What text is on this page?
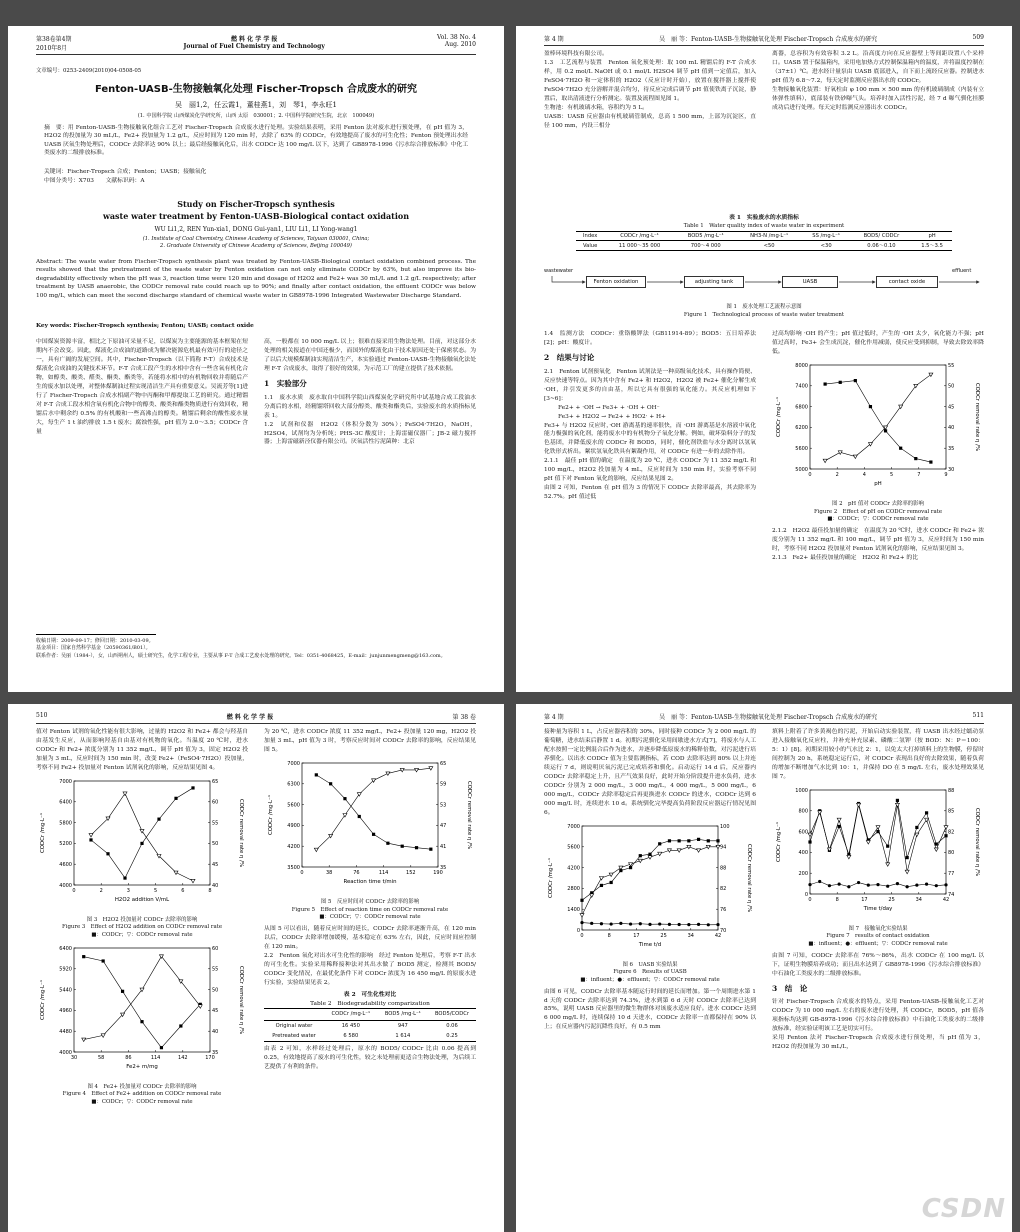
第38卷第4期
2010年8月
燃 料 化 学 学 报
Journal of Fuel Chemistry and Technology
Vol. 38 No. 4
Aug. 2010
文章编号：0253-2409(2010)04-0508-05
Fenton-UASB-生物接触氧化处理 Fischer-Tropsch 合成废水的研究
吴　丽1,2，任云霞1，董桂燕1，刘　琴1，李永旺1
(1. 中国科学院 山西煤炭化学研究所，山西 太原　030001；2. 中国科学院研究生院，北京　100049)
摘　要：用 Fenton-UASB-生物接触氧化组合工艺对 Fischer-Tropsch 合成废水进行处理。实验结果表明，采用 Fenton 法对废水进行预处理，在 pH 值为 3，H2O2 的投加量为 30 mL/L，Fe2+ 投加量为 1.2 g/L，反应时间为 120 min 时，去除了 63% 的 CODCr，有效地提高了废水的可生化性；Fenton 预处理出水经 UASB 厌氧生物处理后，CODCr 去除率达 90% 以上；最后经接触氧化后，出水 CODCr 达 100 mg/L 以下，达到了 GB8978-1996《污水综合排放标准》中化工类废水的二级排放标准。
关键词：Fischer-Tropsch 合成；Fenton；UASB；接触氧化
中图分类号：X703　　文献标识码：A
Study on Fischer-Tropsch synthesis
waste water treatment by Fenton-UASB-Biological contact oxidation
WU Li1,2, REN Yun-xia1, DONG Gui-yan1, LIU Li1, LI Yong-wang1
(1. Institute of Coal Chemistry, Chinese Academy of Sciences, Taiyuan 030001, China;
2. Graduate University of Chinese Academy of Sciences, Beijing 100049)
Abstract: The waste water from Fischer-Tropsch synthesis plant was treated by Fenton-UASB-Biological contact oxidation combined process. The results showed that the pretreatment of the waste water by Fenton oxidation can not only eliminate CODCr by 63%, but also improve its bio-degradability effectively when the pH was 3, reaction time were 120 min and dosage of H2O2 and Fe2+ was 30 mL/L and 1.2 g/L respectively; after treatment by UASB anaerobic, the CODCr removal rate could reach up to 90%; and finally after contact oxidation, the effluent CODCr was below 100 mg/L, which can meet the second discharge standard of chemical waste water in GB8978-1996 Integrated Wastewater Discharge Standard.
Key words: Fischer-Tropsch synthesis; Fenton; UASB; contact oxide
中国煤炭资源丰富，相比之下原油可采量不足，以煤炭为主要能源的基本框架在短期内不会改变。因此，煤液化合成油的道路成为解决能源危机最有效可行的途径之一，具有广阔的发展空间。其中，Fischer-Tropsch（以下简称 F-T）合成技术是煤液化合成油的关键技术环节。F-T 合成工段产生的水相中含有一些含氧有机化合物，如醇类、酸类、醛类、酮类、酯类等，若能将水相中的有机物回收并将随后产生的废水加以处理，对整体煤制油过程实现清洁生产具有重要意义。吴流芳等[1]进行了 Fischer-Tropsch 合成水相副产物中丙酮和甲醇提取工艺的研究。通过精馏对 F-T 合成工段水相含氧有机化合物中的醇类、酸类和酯类物质进行有效回收，精馏后水中剩余约 0.5% 的有机酸和一些高沸点的醇类。精馏后剩余的酸性废水量大，每生产 1 t 油约排放 1.5 t 废水；腐蚀性强，pH 值为 2.0～3.5；CODCr 含量
高，一般都在 10 000 mg/L 以上；很难直接采用生物法处理。目前，对这部分水处理的相关报道在中国还极少，而国外的煤液化由于技术原因还处于保密状态。为了以后大规模煤制油实现清洁生产，本实验通过 Fenton-UASB-生物接触氧化法处理 F-T 合成废水，取得了很好的效果，为示范工厂的建立提供了技术依据。
1　实验部分
1.1　废水水质　废水取自中国科学院山西煤炭化学研究所中试基地合成工段油水分离后的水相，经精馏塔回收大部分醇类、酸类和酯类后，实验废水的水质指标见表 1。
1.2　试剂和仪器　H2O2（体积分数为 30%）；FeSO4·7H2O，NaOH，H2SO4，试剂均为分析纯；PHS-3C 酸度计；上海雷磁仪器厂；JB-2 磁力搅拌器；上海雷磁新泾仪器有限公司。厌氧活性污泥菌种：北京
收稿日期：2009-09-17；修回日期：2010-03-09。
基金项目：国家自然科学基金（20590361/B01）。
联系作者：吴丽（1984-），女，山西朔州人，硕士研究生，化学工程专业，主要从事 F-T 合成工艺废水处理的研究。Tel：0351-4068425，E-mail：junjunmengmeng@163.com。
第 4 期	吴　丽 等：Fenton-UASB-生物接触氧化处理 Fischer-Tropsch 合成废水的研究	509
盈棒环境科技有限公司。
1.3　工艺流程与装置　Fenton 氧化预处理：取 100 mL 精馏后的 F-T 合成水样，用 0.2 mol/L NaOH 或 0.1 mol/L H2SO4 调节 pH 值到一定值后，加入 FeSO4·7H2O 和一定体积的 H2O2（反应计时开始），放置在搅拌器上搅拌使 FeSO4·7H2O 充分溶解并混合均匀，待反应完成后调节 pH 值使铁离子沉淀，静置后，取出清液进行分析测定。装置及流程图见图 1。
生物池：有机玻璃水箱，容积约为 5 L。
UASB：UASB 反应器由有机玻璃管制成，总高 1 500 mm，上部为沉淀区，直径 100 mm，内设三相分
离器，总容积为有效容积 3.2 L。沿高度方向在反应器壁上等间距设置八个采样口。UASB 置于保温箱内，采用电加热方式控制保温箱内的温度，并将温度控制在（37±1）℃。进水经计量泵由 UASB 底部进入，自下而上流经反应器。控制进水 pH 值为 6.8～7.2，每天定时监测反应器出水的 CODCr。
生物接触氧化装置：好氧柱由 φ 100 mm × 500 mm 的有机玻璃制成（内装有立体弹性填料），底部装有铁砂曝气头。培养时加入活性污泥，经 7 d 曝气驯化挂膜成功后进行处理。每天定时监测反应器出水 CODCr。
表 1　实验废水的水质指标
Table 1　Water quality index of waste water in experiment
Index	CODCr /mg·L⁻¹	BOD5 /mg·L⁻¹	NH3-N /mg·L⁻¹	SS /mg·L⁻¹	BOD5/ CODCr	pH
Value	11 000～35 000	700～4 000	<50	<30	0.06～0.10	1.5～3.5
wastewater
Fenton oxidation	adjusting tank	UASB	contact oxide
effluent
图 1　废水处理工艺流程示意图
Figure 1　Technological process of waste water treatment
1.4　监测方法　CODCr：重铬酸钾法（GB11914-89）；BOD5：五日培养法[2]；pH：酸度计。
2　结果与讨论
2.1　Fenton 试剂预氧化　Fenton 试剂法是一种高级氧化技术，具有操作简便、反应快速等特点。因为其中含有 Fe2+ 和 H2O2，H2O2 被 Fe2+ 催化分解生成 ·OH，并引发更多的自由基，所以它具有很强的氧化能力。其反应机理如下[3~6]：
Fe2+ + ·OH → Fe3+ + ·OH + OH⁻
Fe3+ + H2O2 → Fe2+ + HO2· + H+
Fe3+ 与 H2O2 反应时，·OH 游离基的速率很快，而 ·OH 游离基是水溶液中氧化能力极强的氧化剂，能将废水中的有机物分子氧化分解。例如，破坏染料分子的发色基团，并降低废水的 CODCr 和 BOD5，同时，催化剂铁盐与水分离时以氢氧化铁形式析出。絮状氢氧化铁具有絮凝作用，对 CODCr 有进一步的去除作用。
2.1.1　最佳 pH 值的确定　在温度为 20 ℃，进水 CODCr 为 11 352 mg/L 和 100 mg/L，H2O2 投加量为 4 mL，反应时间为 150 min 时，实验考察不同 pH 值下对 Fenton 氧化的影响，反应结果见图 2。
由图 2 可知，Fenton 在 pH 值为 3 的情况下 CODCr 去除率最高，其去除率为 52.7%。pH 值过低
过高均影响 ·OH 的产生；pH 值过低时，产生的 ·OH 太少，氧化能力不强；pH 值过高时，Fe3+ 会生成沉淀，催化作用减弱，使反应受到抑制，导致去除效率降低。
0	2	4	5	7	9
5000
5600
6200
6800
7400
8000
30
35
40
45
50
55
pH
CODCr /mg·L⁻¹	CODCr removal rate η /%
图 2　pH 值对 CODCr 去除率的影响
Figure 2　Effect of pH on CODCr removal rate
■：CODCr；▽：CODCr removal rate
2.1.2　H2O2 最佳投加量的确定　在温度为 20 ℃时，进水 CODCr 和 Fe2+ 浓度分别为 11 352 mg/L 和 100 mg/L，调节 pH 值为 3，反应时间为 150 min 时，考察不同 H2O2 投加量对 Fenton 试剂氧化的影响，反应结果见图 3。
2.1.3　Fe2+ 最佳投加量的确定　H2O2 和 Fe2+ 的比
510	燃 料 化 学 学 报	第 38 卷
值对 Fenton 试剂的氧化性能有很大影响，过量的 H2O2 和 Fe2+ 都会与羟基自由基发生反应，从而影响羟基自由基对有机物的氧化。当温度 20 ℃时，进水 CODCr 和 Fe2+ 浓度分别为 11 352 mg/L，调节 pH 值为 3，固定 H2O2 投加量为 3 mL，反应时间为 150 min 时，改变 Fe2+（FeSO4·7H2O）投加量，考察不同 Fe2+ 投加量对 Fenton 试剂氧化的影响，反应结果见图 4。
0	2	3	5	6	8
4000
4600
5200
5800
6400
7000
40
45
50
55
60
65
H2O2 addition V/mL
CODCr /mg·L⁻¹	CODCr removal rate η /%
图 3　H2O2 投加量对 CODCr 去除率的影响
Figure 3　Effect of H2O2 addition on CODCr removal rate
■：CODCr；▽：CODCr removal rate
30	58	86	114	142	170
4000
4480
4960
5440
5920
6400
35
40
45
50
55
60
Fe2+ m/mg
CODCr /mg·L⁻¹	CODCr removal rate η /%
图 4　Fe2+ 投加量对 CODCr 去除率的影响
Figure 4　Effect of Fe2+ addition on CODCr removal rate
■：CODCr；▽：CODCr removal rate
为 20 ℃，进水 CODCr 浓度 11 352 mg/L，Fe2+ 投加量 120 mg，H2O2 投加量 3 mL，pH 值为 3 时，考察反应时间对 CODCr 去除率的影响，反应结果见图 5。
0	38	76	114	152	190
3500
4200
4900
5600
6300
7000
35
41
47
53
59
65
Reaction time t/min
CODCr /mg·L⁻¹	CODCr removal rate η /%
图 5　反应时间对 CODCr 去除率的影响
Figure 5　Effect of reaction time on CODCr removal rate
■：CODCr；▽：CODCr removal rate
从图 5 可以看出，随着反应时间的延长，CODCr 去除率逐渐升高，在 120 min 以后，CODCr 去除率增加缓慢，基本稳定在 63% 左右，因此，反应时间应控制在 120 min。
2.2　Fenton 氧化对出水可生化性的影响　经过 Fenton 处理后，考察 F-T 出水的可生化性。实验采用稀释接种法对其出水做了 BOD5 测定，检测其 BOD5/ CODCr 变化情况，在最优化条件下对 CODCr 浓度为 16 450 mg/L 的原废水进行实验，实验结果见表 2。
表 2　可生化性对比
Table 2　Biodegradability comparization
	CODCr /mg·L⁻¹	BOD5 /mg·L⁻¹	BOD5/CODCr
Original water	16 450	947	0.06
Pretreated water	6 580	1 614	0.25
由表 2 可知，水样经过处理后，原水的 BOD5/ CODCr 比由 0.06 提高到 0.25，有效地提高了废水的可生化性，较之未处理前更适合生物法处理，为后续工艺提供了有利的条件。
第 4 期	吴　丽 等：Fenton-UASB-生物接触氧化处理 Fischer-Tropsch 合成废水的研究	511
接种量为容积 1 L，占反应器容积的 30%，同时接种 CODCr 为 2 000 mg/L 的葡萄糖，进水结束后静置 1 d。初期污泥驯化采用间歇进水方式[7]，将废水与人工配水按照一定比例混合后作为进水，并逐步降低原废水的稀释倍数，对污泥进行培养驯化。以出水 CODCr 值为主要监测指标，若 COD 去除率达到 80% 以上并连续运行 7 d，则说明厌氧污泥已完成培养和驯化。启动运行 14 d 后，反应器内 CODCr 去除率稳定上升，且产气效果良好，此时开始分阶段提升进水负荷，进水 CODCr 分别为 2 000 mg/L，3 000 mg/L，4 000 mg/L，5 000 mg/L，6 000 mg/L，CODCr 去除率稳定后再更换进水 CODCr 的进水，CODCr 达到 6 000 mg/L 时，连续进水 10 d。系统驯化完毕提高负荷阶段反应器运行情况见图 6。
0	8	17	25	34	42
0
1400
2800
4200
5600
7000
70
76
82
88
94
100
Time t/d
CODCr /mg·L⁻¹	CODCr removal rate η /%
图 6　UASB 实验结果
Figure 6　Results of UASB
■：influent；●：effluent；▽：CODCr removal rate
由图 6 可见，CODCr 去除率基本随运行时间的延长而增加。第一个周期进水第 1 d 天的 CODCr 去除率达到 74.3%，进水到第 6 d 天时 CODCr 去除率已达到 85%，说明 UASB 反应器里的微生物群体对该废水适应良好。进水 CODCr 达到 6 000 mg/L 时，连续保持 10 d 天进水，CODCr 去除率一直都保持在 90% 以上；在反应器内污泥沉降性良好，有 0.5 mm
填料上附着了许多黄褐色的污泥，开始启动实验装置，将 UASB 出水经过蠕动泵进入接触氧化反应柱，并补充补充尿素、磷酸二氢钾（按 BOD：N：P＝100：5：1）[8]。初期采用较小的气水比 2：1，以免太大打掉填料上的生物膜，停留时间控制为 20 h，系统稳定运行后，对 CODCr 表现出良好的去除效果，随着负荷的增加不断增加气水比到 10：1，并保持 DO 在 5 mg/L 左右，废水处理效果见图 7。
0	8	17	25	34	42
0
200
400
600
800
1000
74
77
80
82
85
88
Time t/day
CODCr /mg·L⁻¹	CODCr removal rate η /%
图 7　接触氧化实验结果
Figure 7　results of contact oxidation
■：influent；●：effluent；▽：CODCr removal rate
由图 7 可知，CODCr 去除率在 76%～86%，出水 CODCr 在 100 mg/L 以下，证明生物膜培养成功；而且出水达到了 GB8978-1996《污水综合排放标准》中石油化工类废水的二级排放标准。
3　结　论
针对 Fischer-Tropsch 合成废水的特点，采用 Fenton-UASB-接触氧化工艺对 CODCr 为 10 000 mg/L 左右的废水进行处理，其 CODCr，BOD5，pH 值各项指标均达到 GB-8978-1996《污水综合排放标准》中石油化工类废水的二级排放标准，经实验证明该工艺是切实可行。
采用 Fenton 法对 Fischer-Tropsch 合成废水进行预处理，当 pH 值为 3，H2O2 的投加量为 30 mL/L，
CSDN
